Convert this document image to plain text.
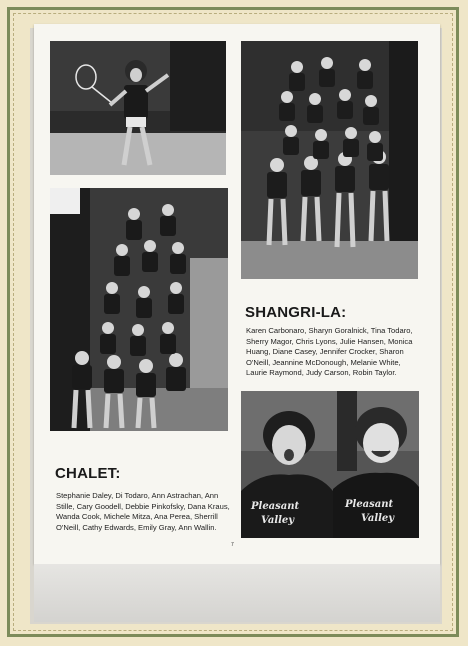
Pleasant
Valley
Pleasant
Valley
SHANGRI-LA:

Karen Carbonaro, Sharyn Goralnick, Tina Todaro, Sherry Magor, Chris Lyons, Julie Hansen, Monica Huang, Diane Casey, Jennifer Crocker, Sharon O'Neill, Jeannine McDonough, Melanie White, Laurie Raymond, Judy Carson, Robin Taylor.

CHALET:

Stephanie Daley, Di Todaro, Ann Astrachan, Ann Stille, Cary Goodell, Debbie Pinkofsky, Dana Kraus, Wanda Cook, Michele Mitza, Ana Perea, Sherrill O'Neill, Cathy Edwards, Emily Gray, Ann Wallin.

7
